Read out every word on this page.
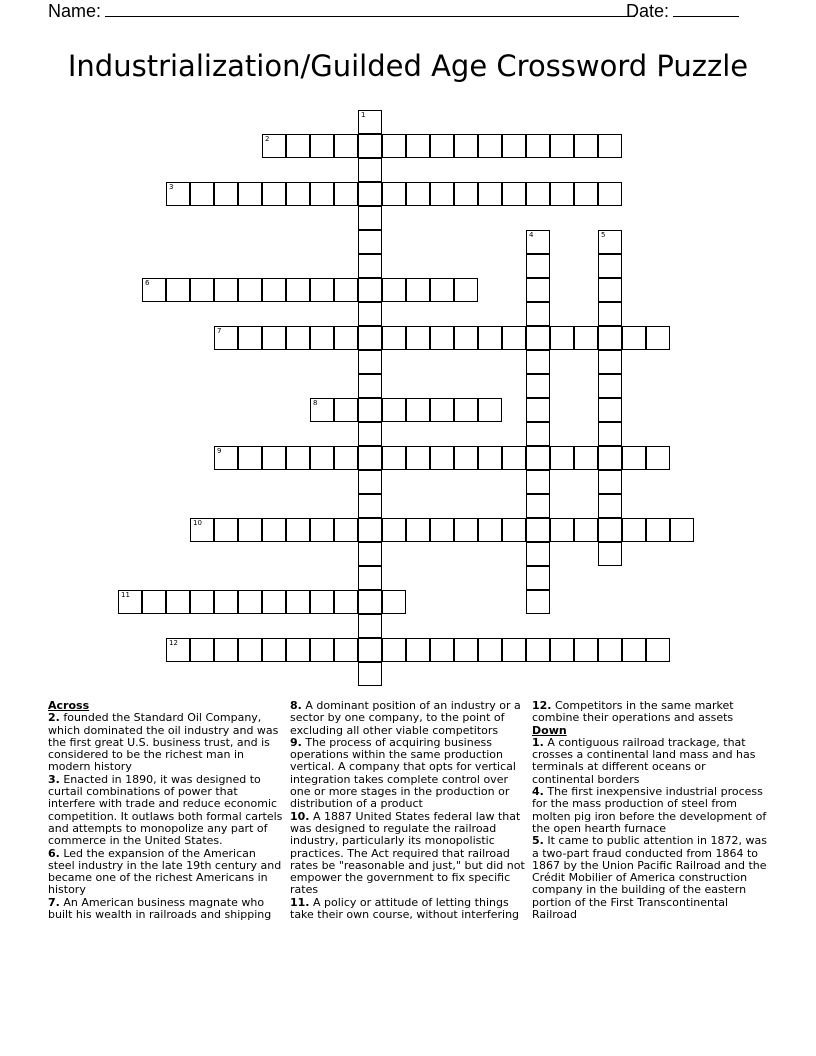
Name:	Date:
Industrialization/Guilded Age Crossword Puzzle
1
2
3
4	5
6
7
8
9
10
11
12
Across

2. founded the Standard Oil Company, which dominated the oil industry and was the first great U.S. business trust, and is considered to be the richest man in modern history

3. Enacted in 1890, it was designed to curtail combinations of power that interfere with trade and reduce economic competition. It outlaws both formal cartels and attempts to monopolize any part of commerce in the United States.

6. Led the expansion of the American steel industry in the late 19th century and became one of the richest Americans in history

7. An American business magnate who built his wealth in railroads and shipping

8. A dominant position of an industry or a sector by one company, to the point of excluding all other viable competitors

9. The process of acquiring business operations within the same production vertical. A company that opts for vertical integration takes complete control over one or more stages in the production or distribution of a product

10. A 1887 United States federal law that was designed to regulate the railroad industry, particularly its monopolistic practices. The Act required that railroad rates be "reasonable and just," but did not empower the government to fix specific rates

11. A policy or attitude of letting things take their own course, without interfering

12. Competitors in the same market combine their operations and assets

Down

1. A contiguous railroad trackage, that crosses a continental land mass and has terminals at different oceans or continental borders

4. The first inexpensive industrial process for the mass production of steel from molten pig iron before the development of the open hearth furnace

5. It came to public attention in 1872, was a two-part fraud conducted from 1864 to 1867 by the Union Pacific Railroad and the Crédit Mobilier of America construction company in the building of the eastern portion of the First Transcontinental Railroad
